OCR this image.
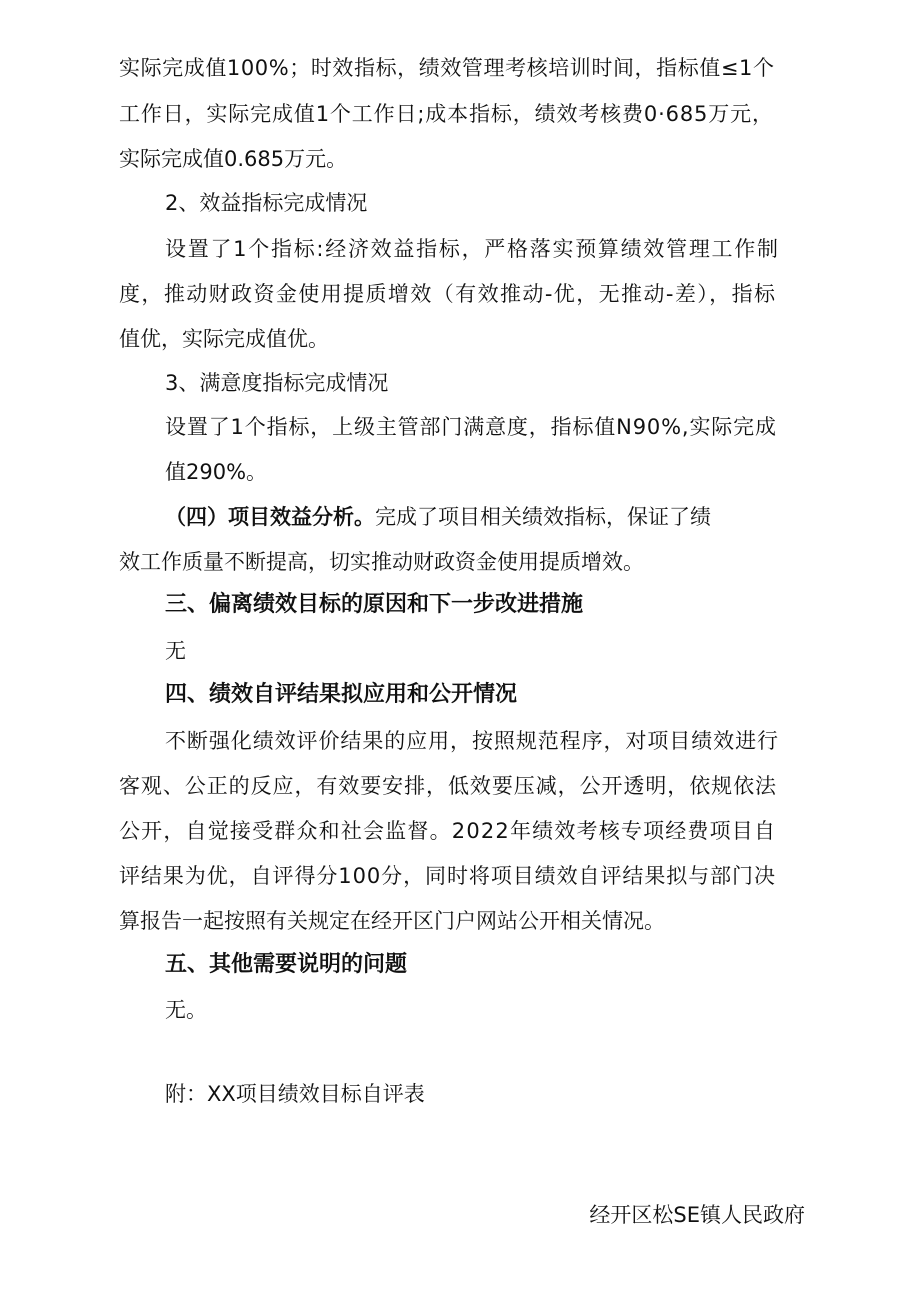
实际完成值100%；时效指标，绩效管理考核培训时间，指标值≤1个
工作日，实际完成值1个工作日;成本指标，绩效考核费0·685万元，
实际完成值0.685万元。
2、效益指标完成情况
设置了1个指标:经济效益指标，严格落实预算绩效管理工作制
度，推动财政资金使用提质增效（有效推动-优，无推动-差），指标
值优，实际完成值优。
3、满意度指标完成情况
设置了1个指标，上级主管部门满意度，指标值N90%,实际完成
值290%。
（四）项目效益分析。完成了项目相关绩效指标，保证了绩
效工作质量不断提高，切实推动财政资金使用提质增效。
三、偏离绩效目标的原因和下一步改进措施
无
四、绩效自评结果拟应用和公开情况
不断强化绩效评价结果的应用，按照规范程序，对项目绩效进行
客观、公正的反应，有效要安排，低效要压减，公开透明，依规依法
公开，自觉接受群众和社会监督。2022年绩效考核专项经费项目自
评结果为优，自评得分100分，同时将项目绩效自评结果拟与部门决
算报告一起按照有关规定在经开区门户网站公开相关情况。
五、其他需要说明的问题
无。
附：XX项目绩效目标自评表
经开区松SE镇人民政府
